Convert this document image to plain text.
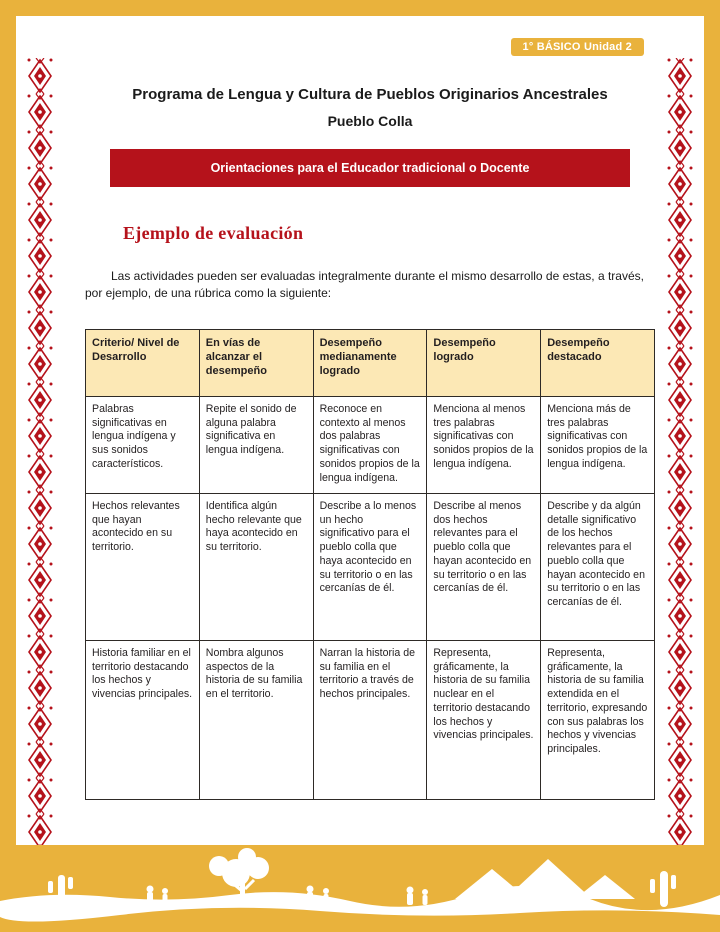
1° BÁSICO Unidad 2
Programa de Lengua y Cultura de Pueblos Originarios Ancestrales
Pueblo Colla
Orientaciones para el Educador tradicional o Docente
Ejemplo de evaluación

Las actividades pueden ser evaluadas integralmente durante el mismo desarrollo de estas, a través, por ejemplo, de una rúbrica como la siguiente:

Criterio/ Nivel de Desarrollo	En vías de alcanzar el desempeño	Desempeño medianamente logrado	Desempeño logrado	Desempeño destacado
Palabras significativas en lengua indígena y sus sonidos característicos.	Repite el sonido de alguna palabra significativa en lengua indígena.	Reconoce en contexto al menos dos palabras significativas con sonidos propios de la lengua indígena.	Menciona al menos tres palabras significativas con sonidos propios de la lengua indígena.	Menciona más de tres palabras significativas con sonidos propios de la lengua indígena.
Hechos relevantes que hayan acontecido en su territorio.	Identifica algún hecho relevante que haya acontecido en su territorio.	Describe a lo menos un hecho significativo para el pueblo colla que haya acontecido en su territorio o en las cercanías de él.	Describe al menos dos hechos relevantes para el pueblo colla que hayan acontecido en su territorio o en las cercanías de él.	Describe y da algún detalle significativo de los hechos relevantes para el pueblo colla que hayan acontecido en su territorio o en las cercanías de él.
Historia familiar en el territorio destacando los hechos y vivencias principales.	Nombra algunos aspectos de la historia de su familia en el territorio.	Narran la historia de su familia en el territorio a través de hechos principales.	Representa, gráficamente, la historia de su familia nuclear en el territorio destacando los hechos y vivencias principales.	Representa, gráficamente, la historia de su familia extendida en el territorio, expresando con sus palabras los hechos y vivencias principales.
